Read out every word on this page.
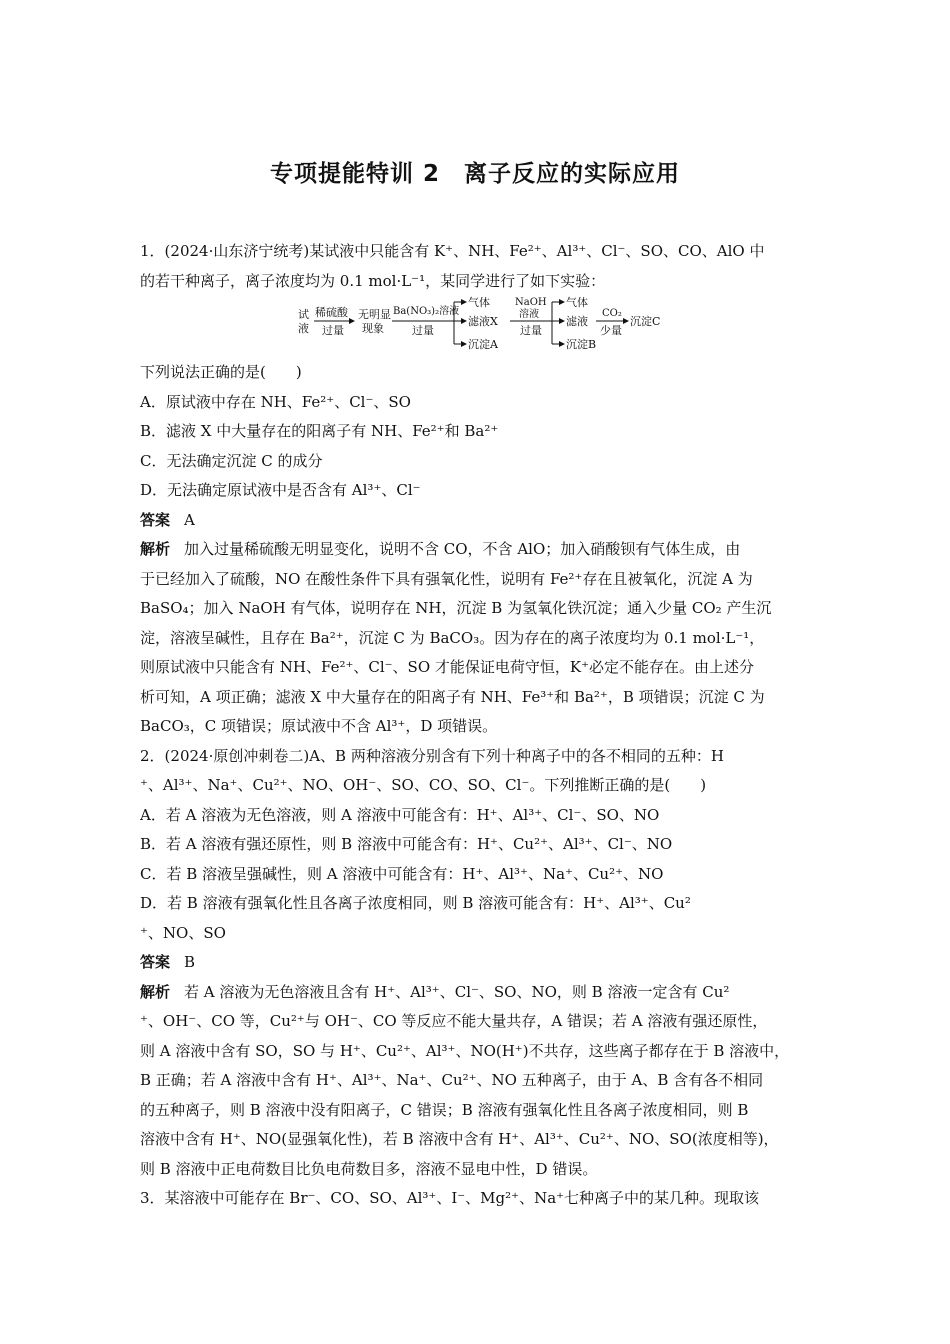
专项提能特训 2　离子反应的实际应用

1．(2024·山东济宁统考)某试液中只能含有 K⁺、NH、Fe²⁺、Al³⁺、Cl⁻、SO、CO、AlO 中

的若干种离子，离子浓度均为 0.1 mol·L⁻¹，某同学进行了如下实验：

试
液
稀硫酸
过量
无明显
现象
Ba(NO₃)₂溶液
过量
气体
滤液X
沉淀A
NaOH
溶液
过量
气体
滤液
沉淀B
CO₂
少量
沉淀C

下列说法正确的是(　　)

A．原试液中存在 NH、Fe²⁺、Cl⁻、SO

B．滤液 X 中大量存在的阳离子有 NH、Fe²⁺和 Ba²⁺

C．无法确定沉淀 C 的成分

D．无法确定原试液中是否含有 Al³⁺、Cl⁻

答案 A

解析 加入过量稀硫酸无明显变化，说明不含 CO，不含 AlO；加入硝酸钡有气体生成，由

于已经加入了硫酸，NO 在酸性条件下具有强氧化性，说明有 Fe²⁺存在且被氧化，沉淀 A 为

BaSO₄；加入 NaOH 有气体，说明存在 NH，沉淀 B 为氢氧化铁沉淀；通入少量 CO₂ 产生沉

淀，溶液呈碱性，且存在 Ba²⁺，沉淀 C 为 BaCO₃。因为存在的离子浓度均为 0.1 mol·L⁻¹，

则原试液中只能含有 NH、Fe²⁺、Cl⁻、SO 才能保证电荷守恒，K⁺必定不能存在。由上述分

析可知，A 项正确；滤液 X 中大量存在的阳离子有 NH、Fe³⁺和 Ba²⁺，B 项错误；沉淀 C 为

BaCO₃，C 项错误；原试液中不含 Al³⁺，D 项错误。

2．(2024·原创冲刺卷二)A、B 两种溶液分别含有下列十种离子中的各不相同的五种：H

⁺、Al³⁺、Na⁺、Cu²⁺、NO、OH⁻、SO、CO、SO、Cl⁻。下列推断正确的是(　　)

A．若 A 溶液为无色溶液，则 A 溶液中可能含有：H⁺、Al³⁺、Cl⁻、SO、NO

B．若 A 溶液有强还原性，则 B 溶液中可能含有：H⁺、Cu²⁺、Al³⁺、Cl⁻、NO

C．若 B 溶液呈强碱性，则 A 溶液中可能含有：H⁺、Al³⁺、Na⁺、Cu²⁺、NO

D．若 B 溶液有强氧化性且各离子浓度相同，则 B 溶液可能含有：H⁺、Al³⁺、Cu²

⁺、NO、SO

答案 B

解析 若 A 溶液为无色溶液且含有 H⁺、Al³⁺、Cl⁻、SO、NO，则 B 溶液一定含有 Cu²

⁺、OH⁻、CO 等，Cu²⁺与 OH⁻、CO 等反应不能大量共存，A 错误；若 A 溶液有强还原性，

则 A 溶液中含有 SO，SO 与 H⁺、Cu²⁺、Al³⁺、NO(H⁺)不共存，这些离子都存在于 B 溶液中，

B 正确；若 A 溶液中含有 H⁺、Al³⁺、Na⁺、Cu²⁺、NO 五种离子，由于 A、B 含有各不相同

的五种离子，则 B 溶液中没有阳离子，C 错误；B 溶液有强氧化性且各离子浓度相同，则 B

溶液中含有 H⁺、NO(显强氧化性)，若 B 溶液中含有 H⁺、Al³⁺、Cu²⁺、NO、SO(浓度相等)，

则 B 溶液中正电荷数目比负电荷数目多，溶液不显电中性，D 错误。

3．某溶液中可能存在 Br⁻、CO、SO、Al³⁺、I⁻、Mg²⁺、Na⁺七种离子中的某几种。现取该
